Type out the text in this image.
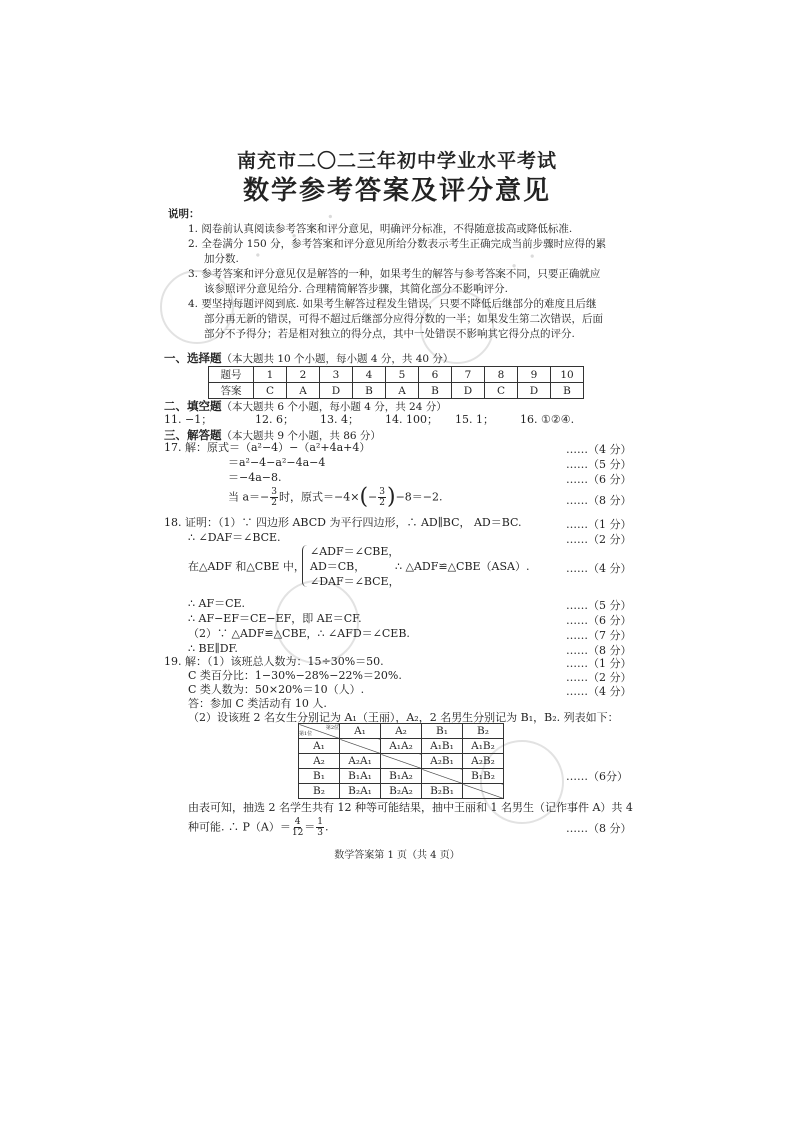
· · · · ·	· · · · ·
南充市二〇二三年初中学业水平考试
数学参考答案及评分意见
说明：
1. 阅卷前认真阅读参考答案和评分意见，明确评分标准，不得随意拔高或降低标准.
2. 全卷满分 150 分，参考答案和评分意见所给分数表示考生正确完成当前步骤时应得的累
加分数.
3. 参考答案和评分意见仅是解答的一种，如果考生的解答与参考答案不同，只要正确就应
该参照评分意见给分. 合理精简解答步骤，其简化部分不影响评分.
4. 要坚持每题评阅到底. 如果考生解答过程发生错误，只要不降低后继部分的难度且后继
部分再无新的错误，可得不超过后继部分应得分数的一半；如果发生第二次错误，后面
部分不予得分；若是相对独立的得分点，其中一处错误不影响其它得分点的评分.
一、选择题（本大题共 10 个小题，每小题 4 分，共 40 分）
题号	1	2	3	4	5	6	7	8	9	10
答案	C	A	D	B	A	B	D	C	D	B
二、填空题（本大题共 6 个小题，每小题 4 分，共 24 分）
11. −1；	12. 6； 13. 4； 14. 100； 15. 1； 16. ①②④.
三、解答题（本大题共 9 个小题，共 86 分）
17. 解：原式＝（a²−4）−（a²+4a+4）
＝a²−4−a²−4a−4
＝−4a−8.
当 $a=- \frac{3}{2}$ 时，原式$=-4\times(- \frac{3}{2} )-8=-2$.
……（4 分）
……（5 分）
……（6 分）
……（8 分）
18. 证明：（1）∵ 四边形 ABCD 为平行四边形，∴ AD∥BC， AD＝BC.
∴ ∠DAF＝∠BCE.
在△ADF 和△CBE 中，
∠ADF＝∠CBE，
AD＝CB，
∠DAF＝∠BCE，
∴ △ADF≌△CBE（ASA）.
∴ AF＝CE.
∴ AF−EF＝CE−EF，即 AE＝CF.
（2）∵ △ADF≌△CBE，∴ ∠AFD＝∠CEB.
∴ BE∥DF.
……（1 分）
……（2 分）
……（4 分）
……（5 分）
……（6 分）
……（7 分）
……（8 分）
19. 解：（1）该班总人数为：15÷30%＝50.
C 类百分比：1−30%−28%−22%＝20%.
C 类人数为：50×20%＝10（人）.
答：参加 C 类活动有 10 人.
（2）设该班 2 名女生分别记为 A₁（王丽），A₂，2 名男生分别记为 B₁，B₂. 列表如下：
……（1 分）
……（2 分）
……（4 分）
第2位
第1位	A₁	A₂	B₁	B₂
A₁		A₁A₂	A₁B₁	A₁B₂
A₂	A₂A₁		A₂B₁	A₂B₂
B₁	B₁A₁	B₁A₂		B₁B₂
B₂	B₂A₁	B₂A₂	B₂B₁	
……（6分）
由表可知，抽选 2 名学生共有 12 种等可能结果，抽中王丽和 1 名男生（记作事件 A）共 4
种可能. ∴ $P(A)= \frac{4}{12} = \frac{1}{3}$ .	……（8 分）
数学答案第 1 页（共 4 页）
